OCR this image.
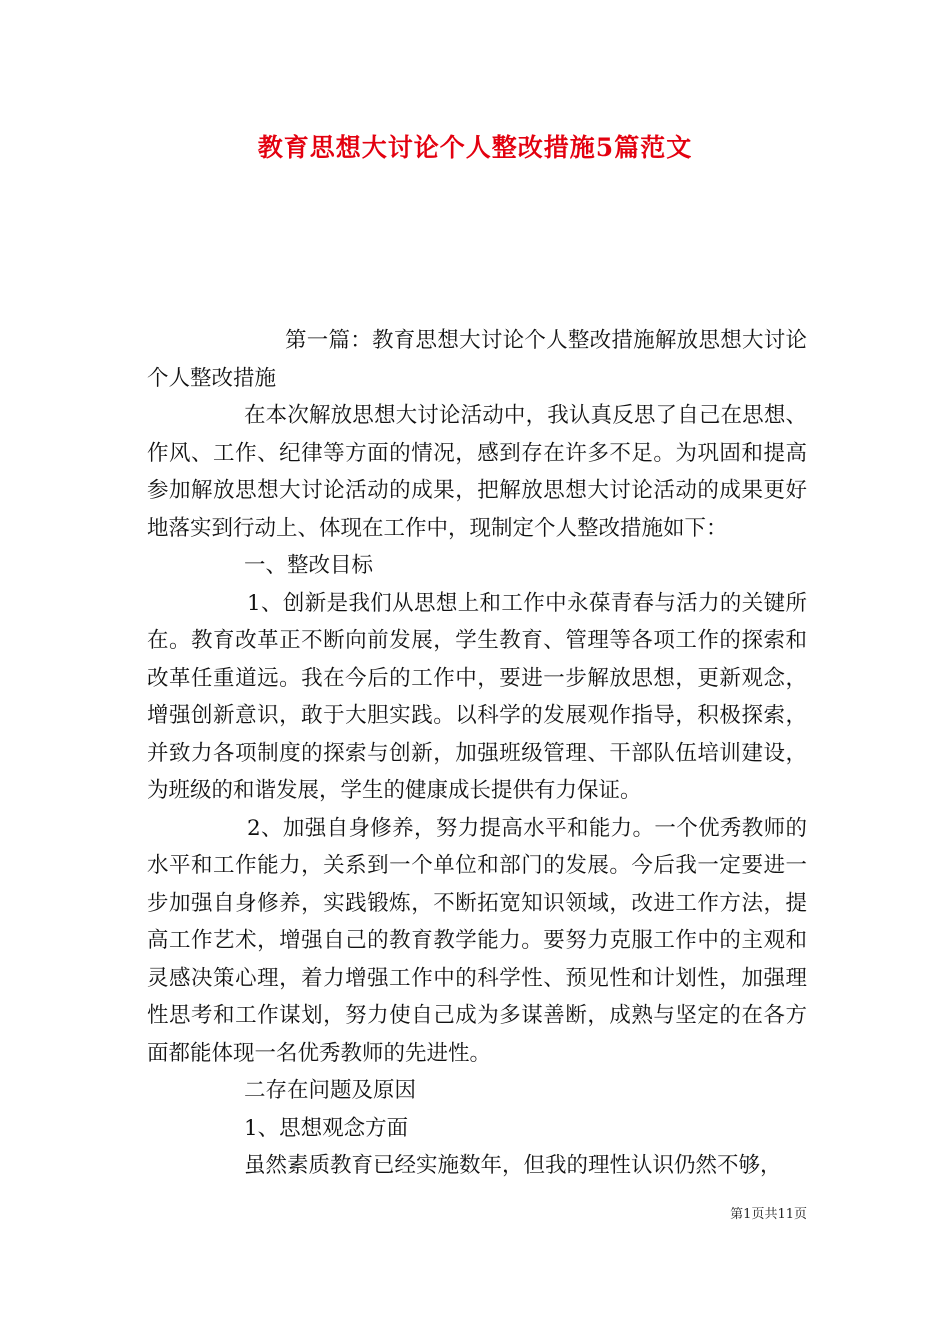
教育思想大讨论个人整改措施5篇范文

第一篇：教育思想大讨论个人整改措施解放思想大讨论个人整改措施

在本次解放思想大讨论活动中，我认真反思了自己在思想、作风、工作、纪律等方面的情况，感到存在许多不足。为巩固和提高参加解放思想大讨论活动的成果，把解放思想大讨论活动的成果更好地落实到行动上、体现在工作中，现制定个人整改措施如下：

一、整改目标

1、创新是我们从思想上和工作中永葆青春与活力的关键所在。教育改革正不断向前发展，学生教育、管理等各项工作的探索和改革任重道远。我在今后的工作中，要进一步解放思想，更新观念，增强创新意识，敢于大胆实践。以科学的发展观作指导，积极探索，并致力各项制度的探索与创新，加强班级管理、干部队伍培训建设，为班级的和谐发展，学生的健康成长提供有力保证。

2、加强自身修养，努力提高水平和能力。一个优秀教师的水平和工作能力，关系到一个单位和部门的发展。今后我一定要进一步加强自身修养，实践锻炼，不断拓宽知识领域，改进工作方法，提高工作艺术，增强自己的教育教学能力。要努力克服工作中的主观和灵感决策心理，着力增强工作中的科学性、预见性和计划性，加强理性思考和工作谋划，努力使自己成为多谋善断，成熟与坚定的在各方面都能体现一名优秀教师的先进性。

二存在问题及原因

1、思想观念方面

虽然素质教育已经实施数年，但我的理性认识仍然不够，

第1页共11页
